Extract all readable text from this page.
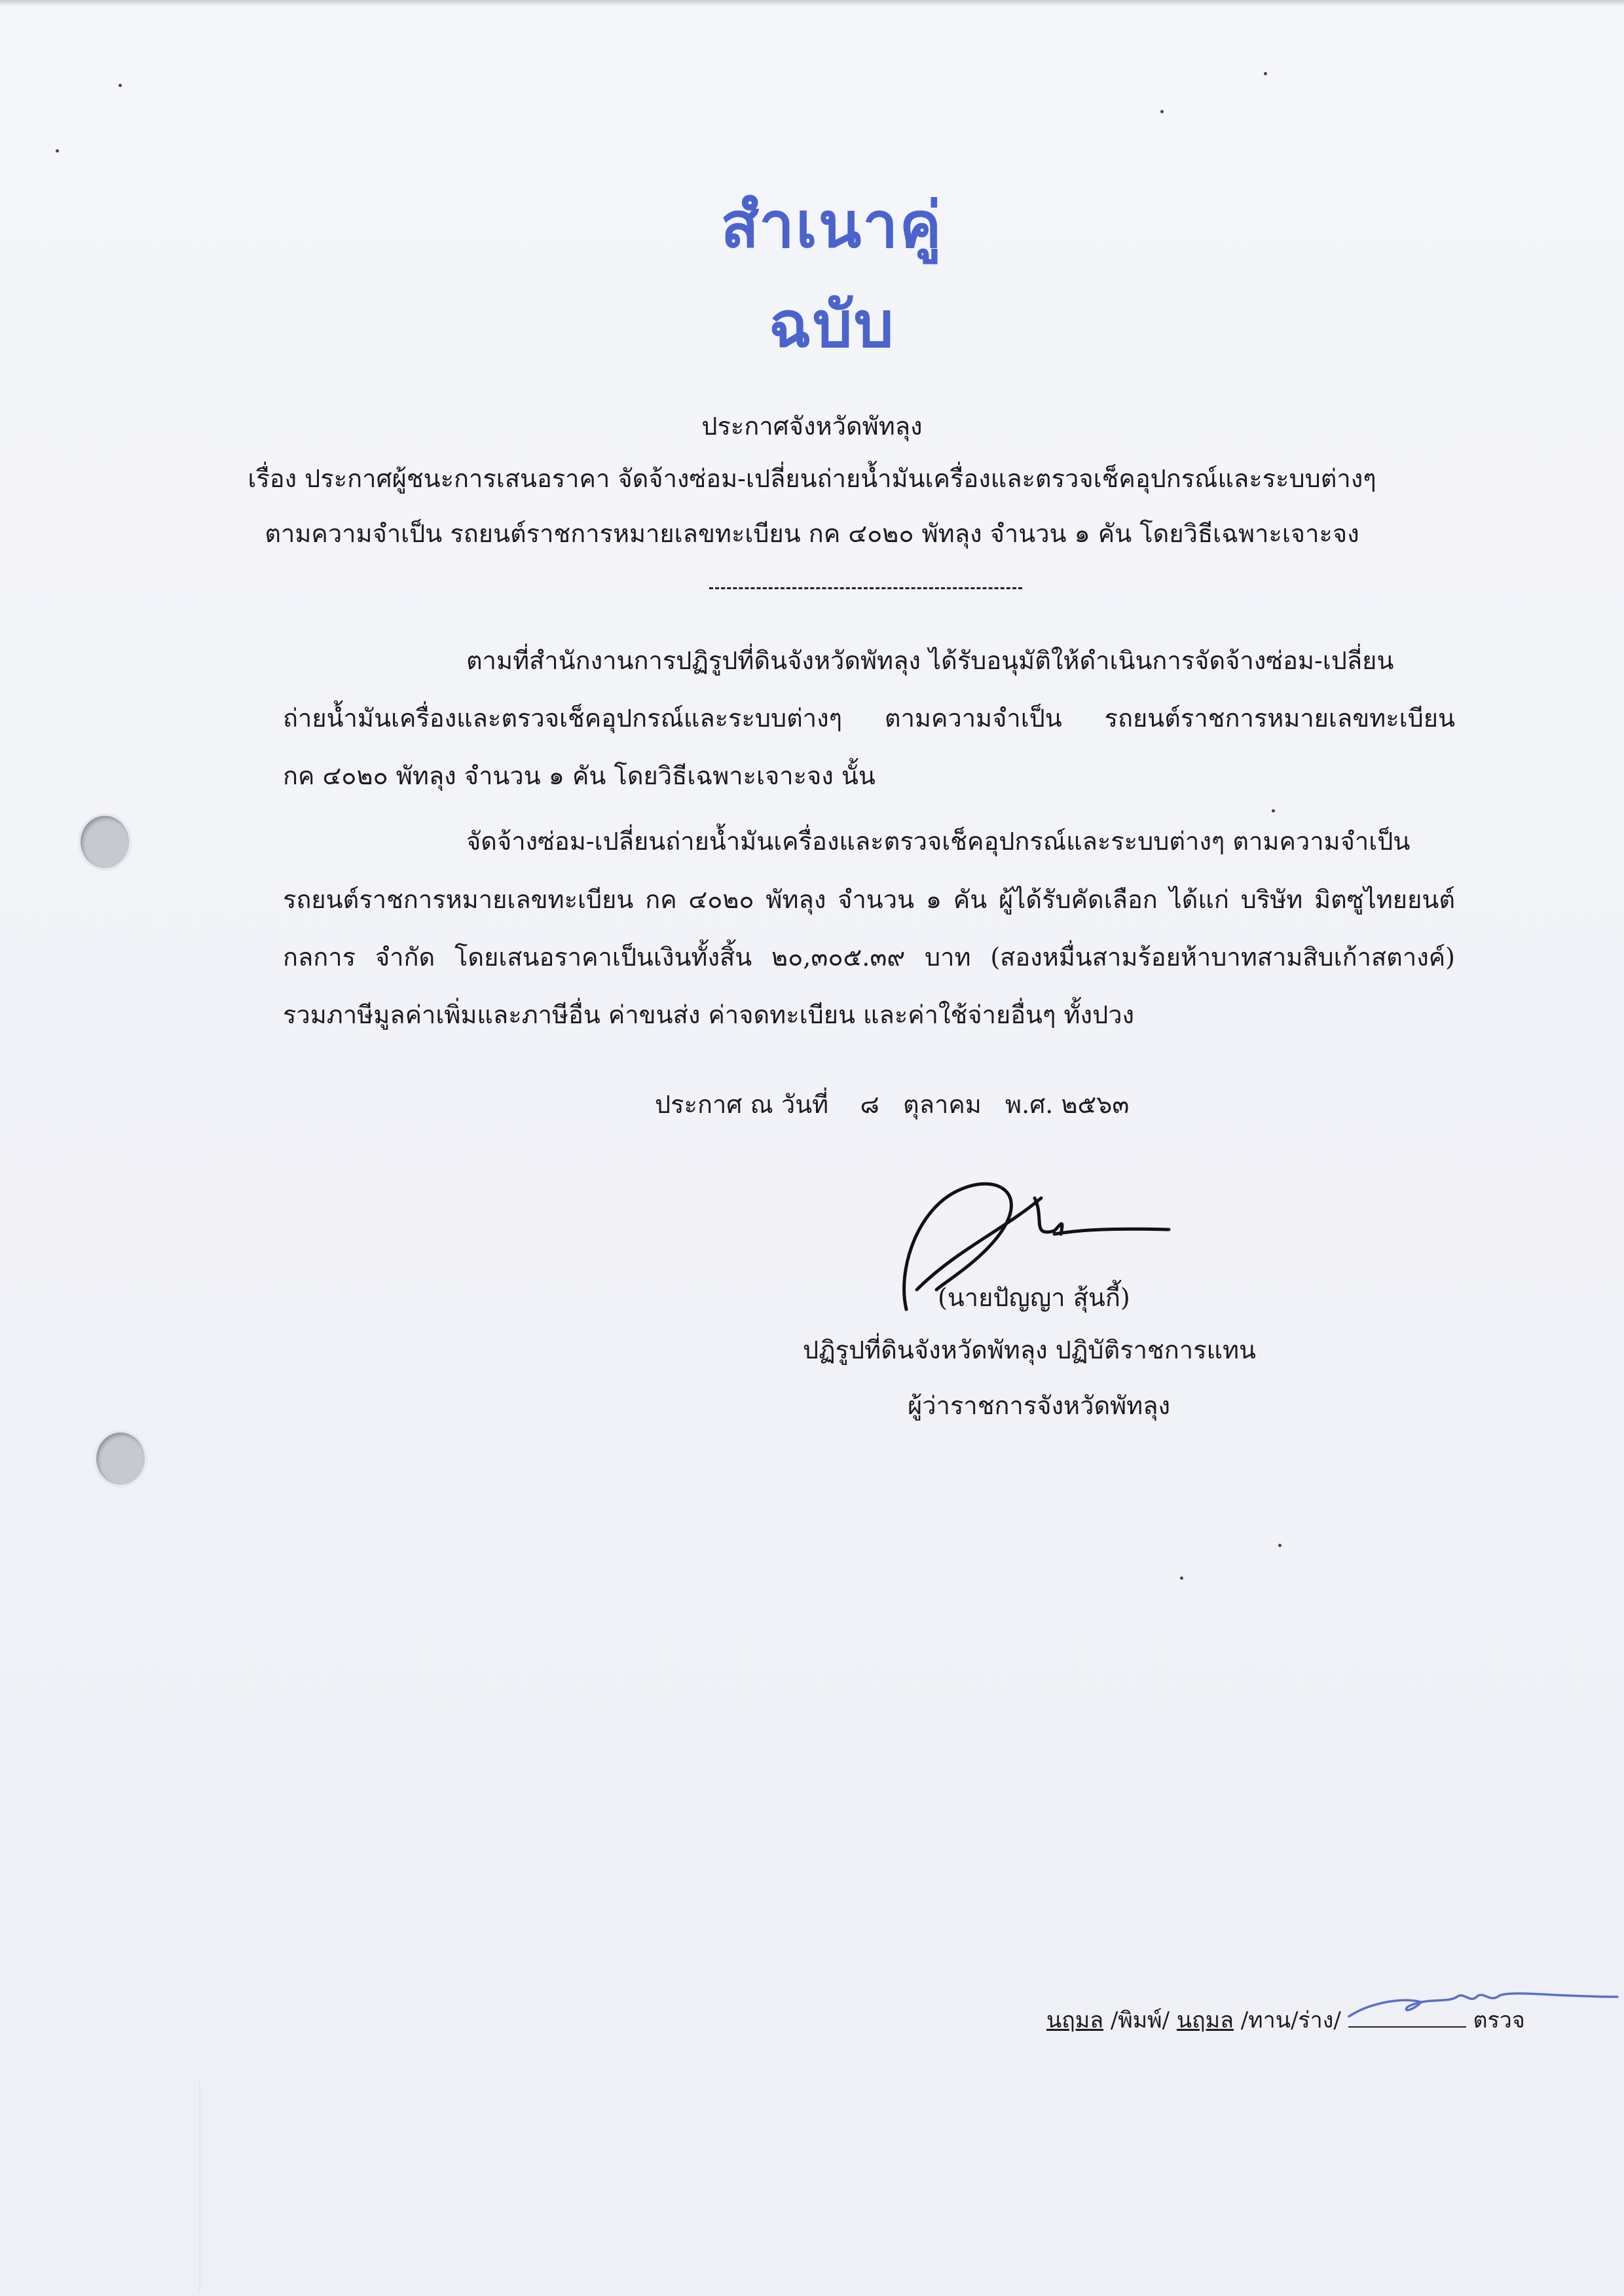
สำเนาคู่ฉบับ
ประกาศจังหวัดพัทลุง
เรื่อง ประกาศผู้ชนะการเสนอราคา จัดจ้างซ่อม-เปลี่ยนถ่ายน้ำมันเครื่องและตรวจเช็คอุปกรณ์และระบบต่างๆ
ตามความจำเป็น รถยนต์ราชการหมายเลขทะเบียน กค ๔๐๒๐ พัทลุง จำนวน ๑ คัน โดยวิธีเฉพาะเจาะจง
ตามที่สำนักงานการปฏิรูปที่ดินจังหวัดพัทลุง ได้รับอนุมัติให้ดำเนินการจัดจ้างซ่อม-เปลี่ยน
ถ่ายน้ำมันเครื่องและตรวจเช็คอุปกรณ์และระบบต่างๆ ตามความจำเป็น รถยนต์ราชการหมายเลขทะเบียน
กค ๔๐๒๐ พัทลุง จำนวน ๑ คัน โดยวิธีเฉพาะเจาะจง นั้น
จัดจ้างซ่อม-เปลี่ยนถ่ายน้ำมันเครื่องและตรวจเช็คอุปกรณ์และระบบต่างๆ ตามความจำเป็น
รถยนต์ราชการหมายเลขทะเบียน กค ๔๐๒๐ พัทลุง จำนวน ๑ คัน ผู้ได้รับคัดเลือก ได้แก่ บริษัท มิตซูไทยยนต์
กลการ จำกัด โดยเสนอราคาเป็นเงินทั้งสิ้น ๒๐,๓๐๕.๓๙ บาท (สองหมื่นสามร้อยห้าบาทสามสิบเก้าสตางค์)
รวมภาษีมูลค่าเพิ่มและภาษีอื่น ค่าขนส่ง ค่าจดทะเบียน และค่าใช้จ่ายอื่นๆ ทั้งปวง
ประกาศ ณ วันที่    ๘   ตุลาคม   พ.ศ. ๒๕๖๓
(นายปัญญา สุ้นกี้)
ปฏิรูปที่ดินจังหวัดพัทลุง ปฏิบัติราชการแทน
ผู้ว่าราชการจังหวัดพัทลุง
นฤมล /พิมพ์/ นฤมล /ทาน/ร่าง/	ตรวจ
